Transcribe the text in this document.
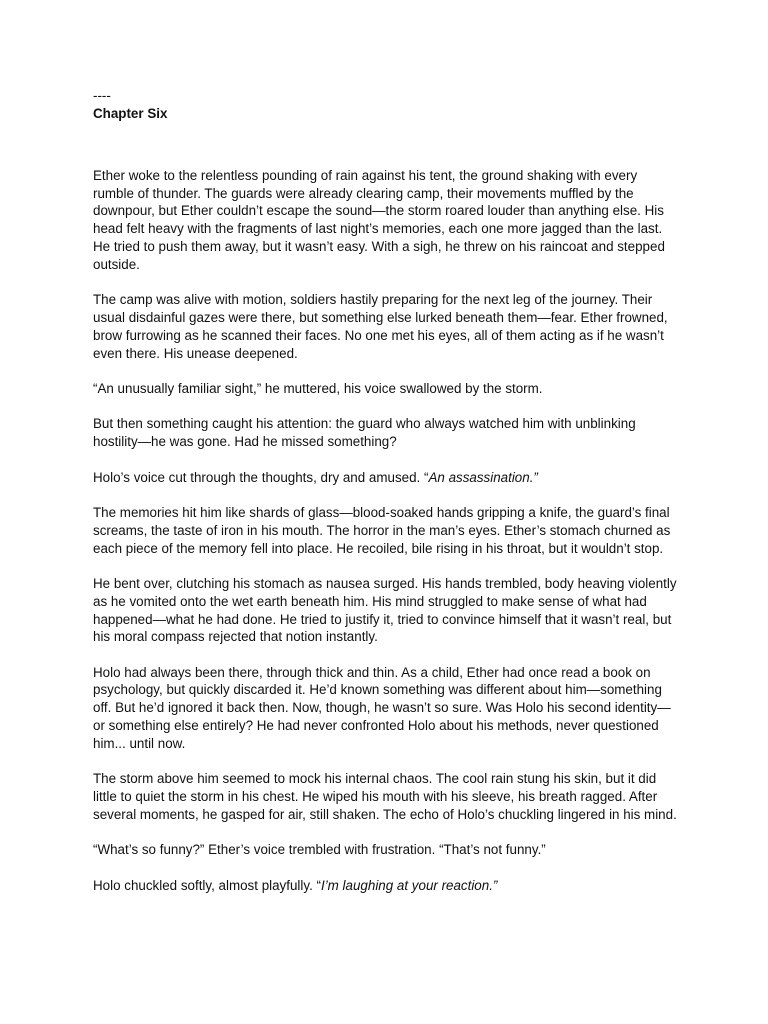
----
Chapter Six

Ether woke to the relentless pounding of rain against his tent, the ground shaking with every rumble of thunder. The guards were already clearing camp, their movements muffled by the downpour, but Ether couldn’t escape the sound—the storm roared louder than anything else. His head felt heavy with the fragments of last night’s memories, each one more jagged than the last. He tried to push them away, but it wasn’t easy. With a sigh, he threw on his raincoat and stepped outside.

The camp was alive with motion, soldiers hastily preparing for the next leg of the journey. Their usual disdainful gazes were there, but something else lurked beneath them—fear. Ether frowned, brow furrowing as he scanned their faces. No one met his eyes, all of them acting as if he wasn’t even there. His unease deepened.

“An unusually familiar sight,” he muttered, his voice swallowed by the storm.

But then something caught his attention: the guard who always watched him with unblinking hostility—he was gone. Had he missed something?

Holo’s voice cut through the thoughts, dry and amused. “An assassination.”

The memories hit him like shards of glass—blood-soaked hands gripping a knife, the guard’s final screams, the taste of iron in his mouth. The horror in the man’s eyes. Ether’s stomach churned as each piece of the memory fell into place. He recoiled, bile rising in his throat, but it wouldn’t stop.

He bent over, clutching his stomach as nausea surged. His hands trembled, body heaving violently as he vomited onto the wet earth beneath him. His mind struggled to make sense of what had happened—what he had done. He tried to justify it, tried to convince himself that it wasn’t real, but his moral compass rejected that notion instantly.

Holo had always been there, through thick and thin. As a child, Ether had once read a book on psychology, but quickly discarded it. He’d known something was different about him—something off. But he’d ignored it back then. Now, though, he wasn’t so sure. Was Holo his second identity—or something else entirely? He had never confronted Holo about his methods, never questioned him... until now.

The storm above him seemed to mock his internal chaos. The cool rain stung his skin, but it did little to quiet the storm in his chest. He wiped his mouth with his sleeve, his breath ragged. After several moments, he gasped for air, still shaken. The echo of Holo’s chuckling lingered in his mind.

“What’s so funny?” Ether’s voice trembled with frustration. “That’s not funny.”

Holo chuckled softly, almost playfully. “I’m laughing at your reaction.”
